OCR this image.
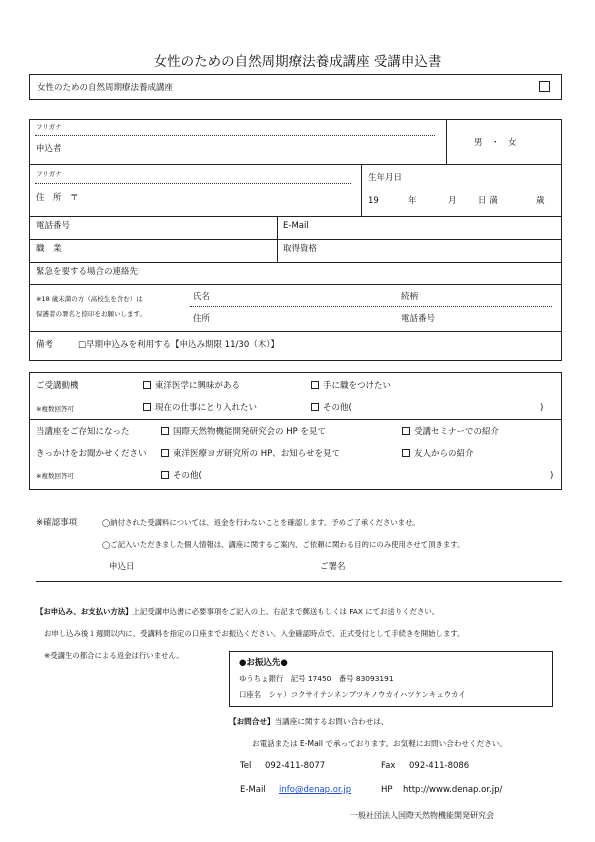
女性のための自然周期療法養成講座 受講申込書
女性のための自然周期療法養成講座
フリガナ
申込者
男　・　女
フリガナ
住　所　〒
生年月日
19	年	月	日 満	歳
電話番号	E-Mail
職　業	取得資格
緊急を要する場合の連絡先
※18 歳未満の方（高校生を含む）は
保護者の署名と捺印をお願いします。
氏名	続柄
住所	電話番号
備考	□早期申込みを利用する【申込み期限 11/30（木）】
ご受講動機	東洋医学に興味がある	手に職をつけたい
※複数回答可	現在の仕事にとり入れたい	その他(	)
当講座をご存知になった
きっかけをお聞かせください
※複数回答可
国際天然物機能開発研究会の HP を見て	受講セミナーでの紹介
東洋医療ヨガ研究所の HP、お知らせを見て	友人からの紹介
その他(	)
※確認事項	◯納付された受講料については、返金を行わないことを確認します。予めご了承くださいませ。
◯ご記入いただきました個人情報は、講座に関するご案内、ご依頼に関わる目的にのみ使用させて頂きます。
申込日	ご署名
【お申込み、お支払い方法】上記受講申込書に必要事項をご記入の上、右記まで郵送もしくは FAX にてお送りください。
お申し込み後１週間以内に、受講料を指定の口座までお振込ください。入金確認時点で、正式受付として手続きを開始します。
※受講生の都合による返金は行いません。
●お振込先●
ゆうちょ銀行　記号 17450　番号 83093191
口座名　シャ）コクサイテンネンブツキノウカイハツケンキュウカイ
【お問合せ】当講座に関するお問い合わせは、
お電話または E-Mail で承っております。お気軽にお問い合わせください。
Tel 092-411-8077	Fax 092-411-8086
E-Mail info@denap.or.jp	HP http://www.denap.or.jp/
一般社団法人国際天然物機能開発研究会
